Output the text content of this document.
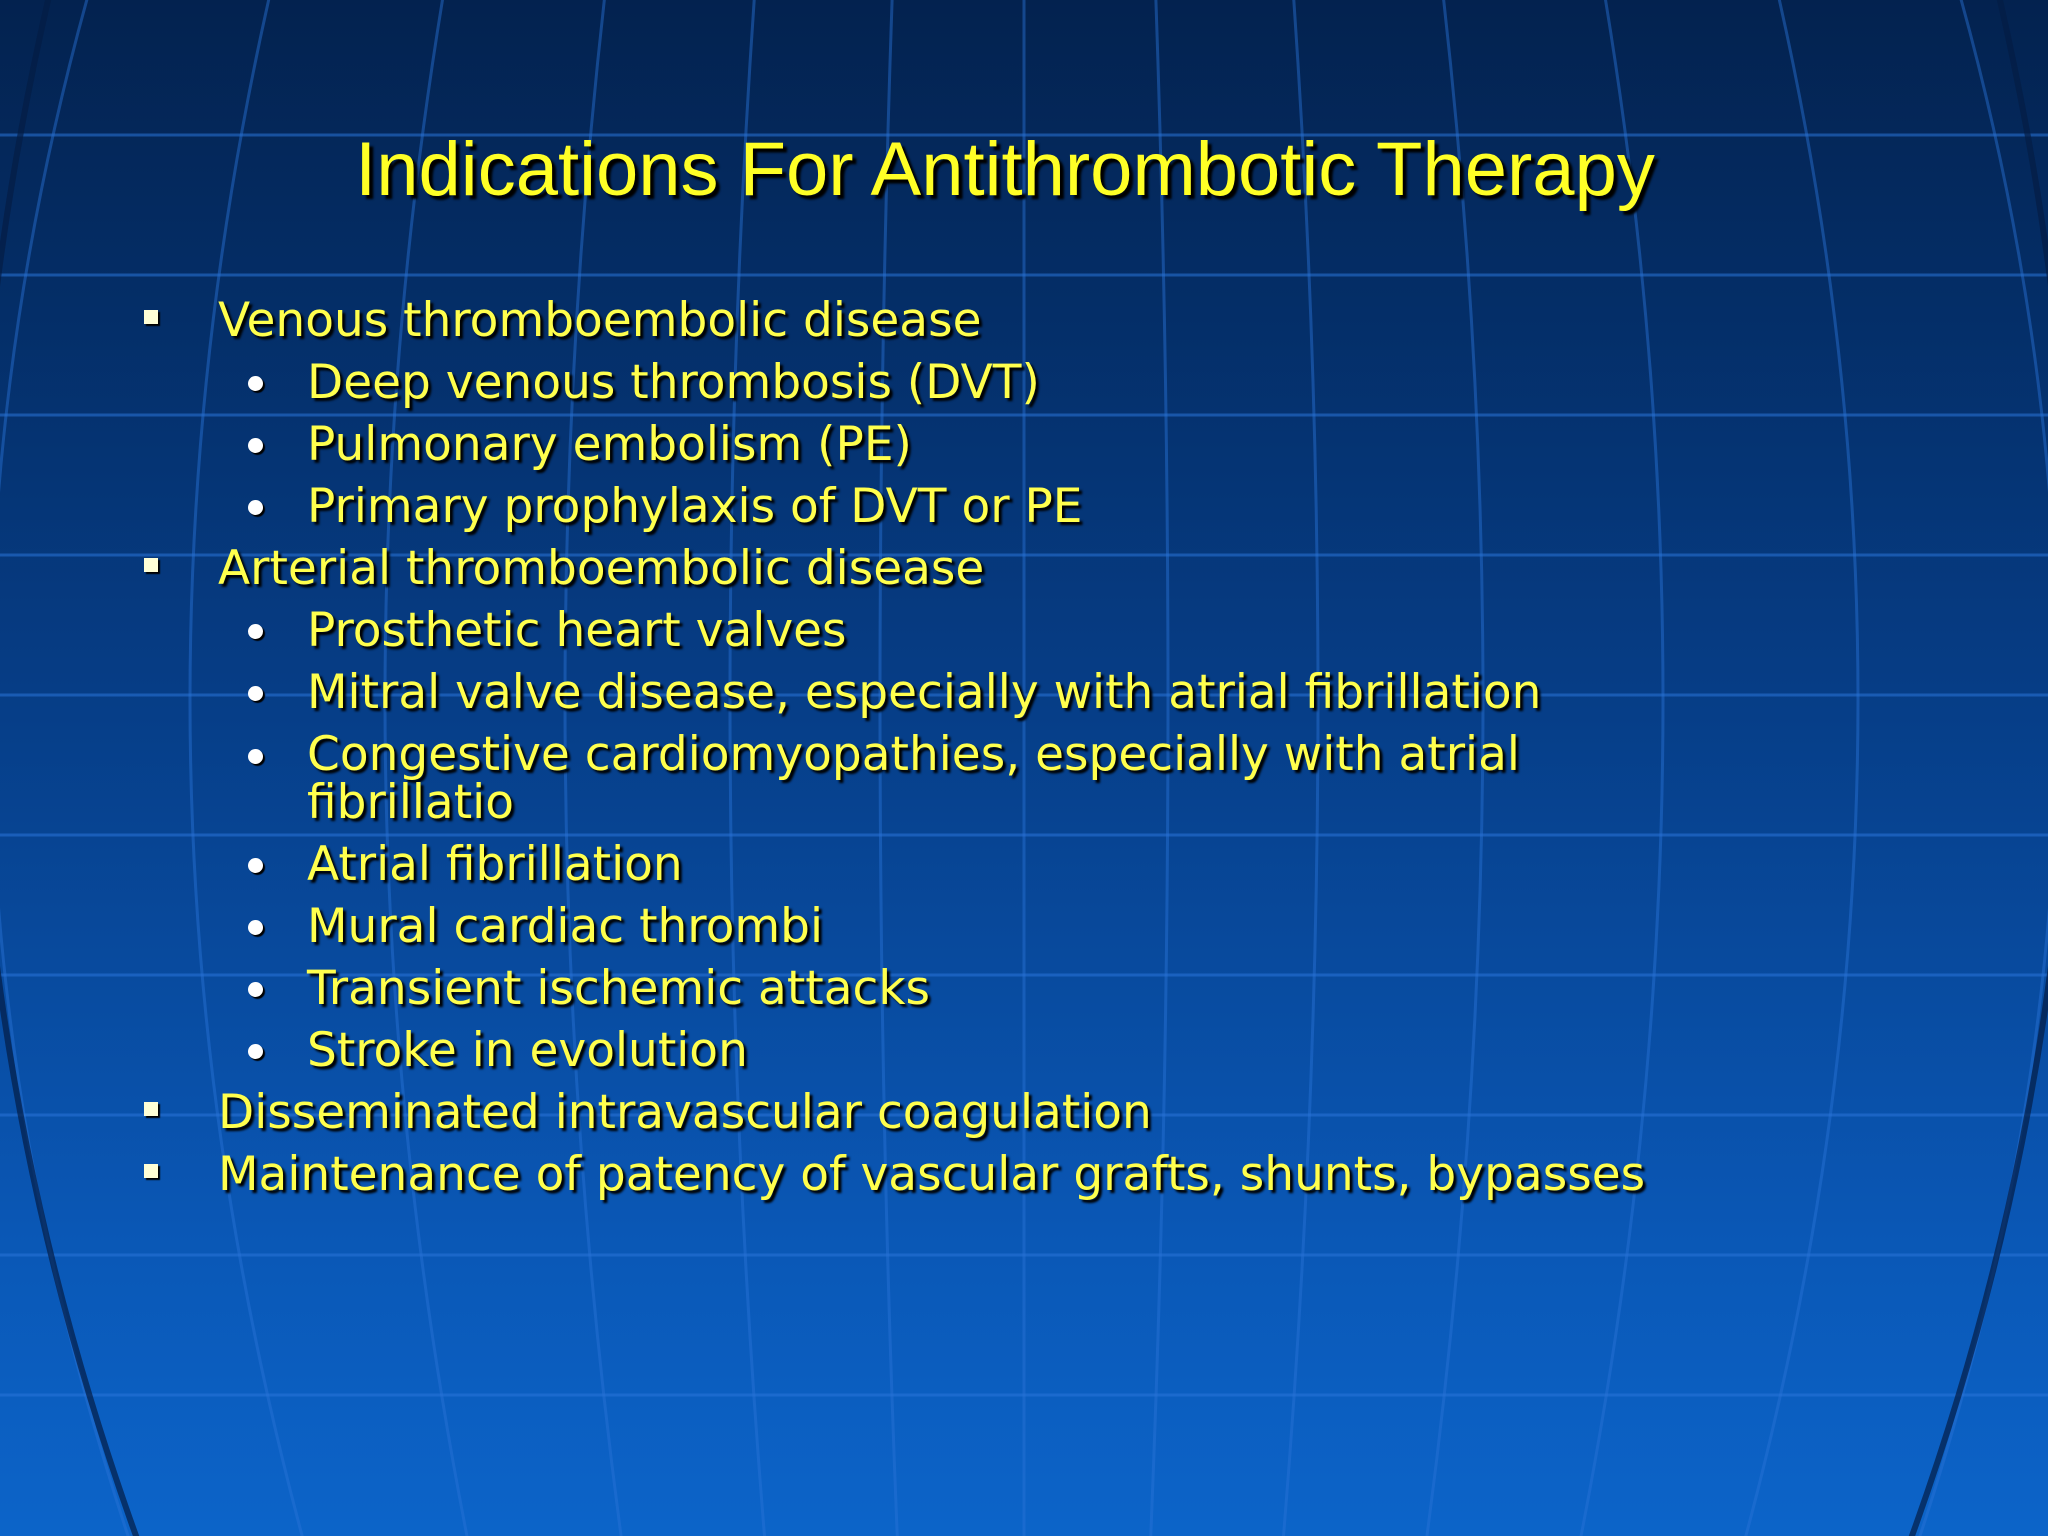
Indications For Antithrombotic Therapy
Venous thromboembolic disease
Deep venous thrombosis (DVT)
Pulmonary embolism (PE)
Primary prophylaxis of DVT or PE
Arterial thromboembolic disease
Prosthetic heart valves
Mitral valve disease, especially with atrial fibrillation
Congestive cardiomyopathies, especially with atrial fibrillatio
Atrial fibrillation
Mural cardiac thrombi
Transient ischemic attacks
Stroke in evolution
Disseminated intravascular coagulation
Maintenance of patency of vascular grafts, shunts, bypasses
